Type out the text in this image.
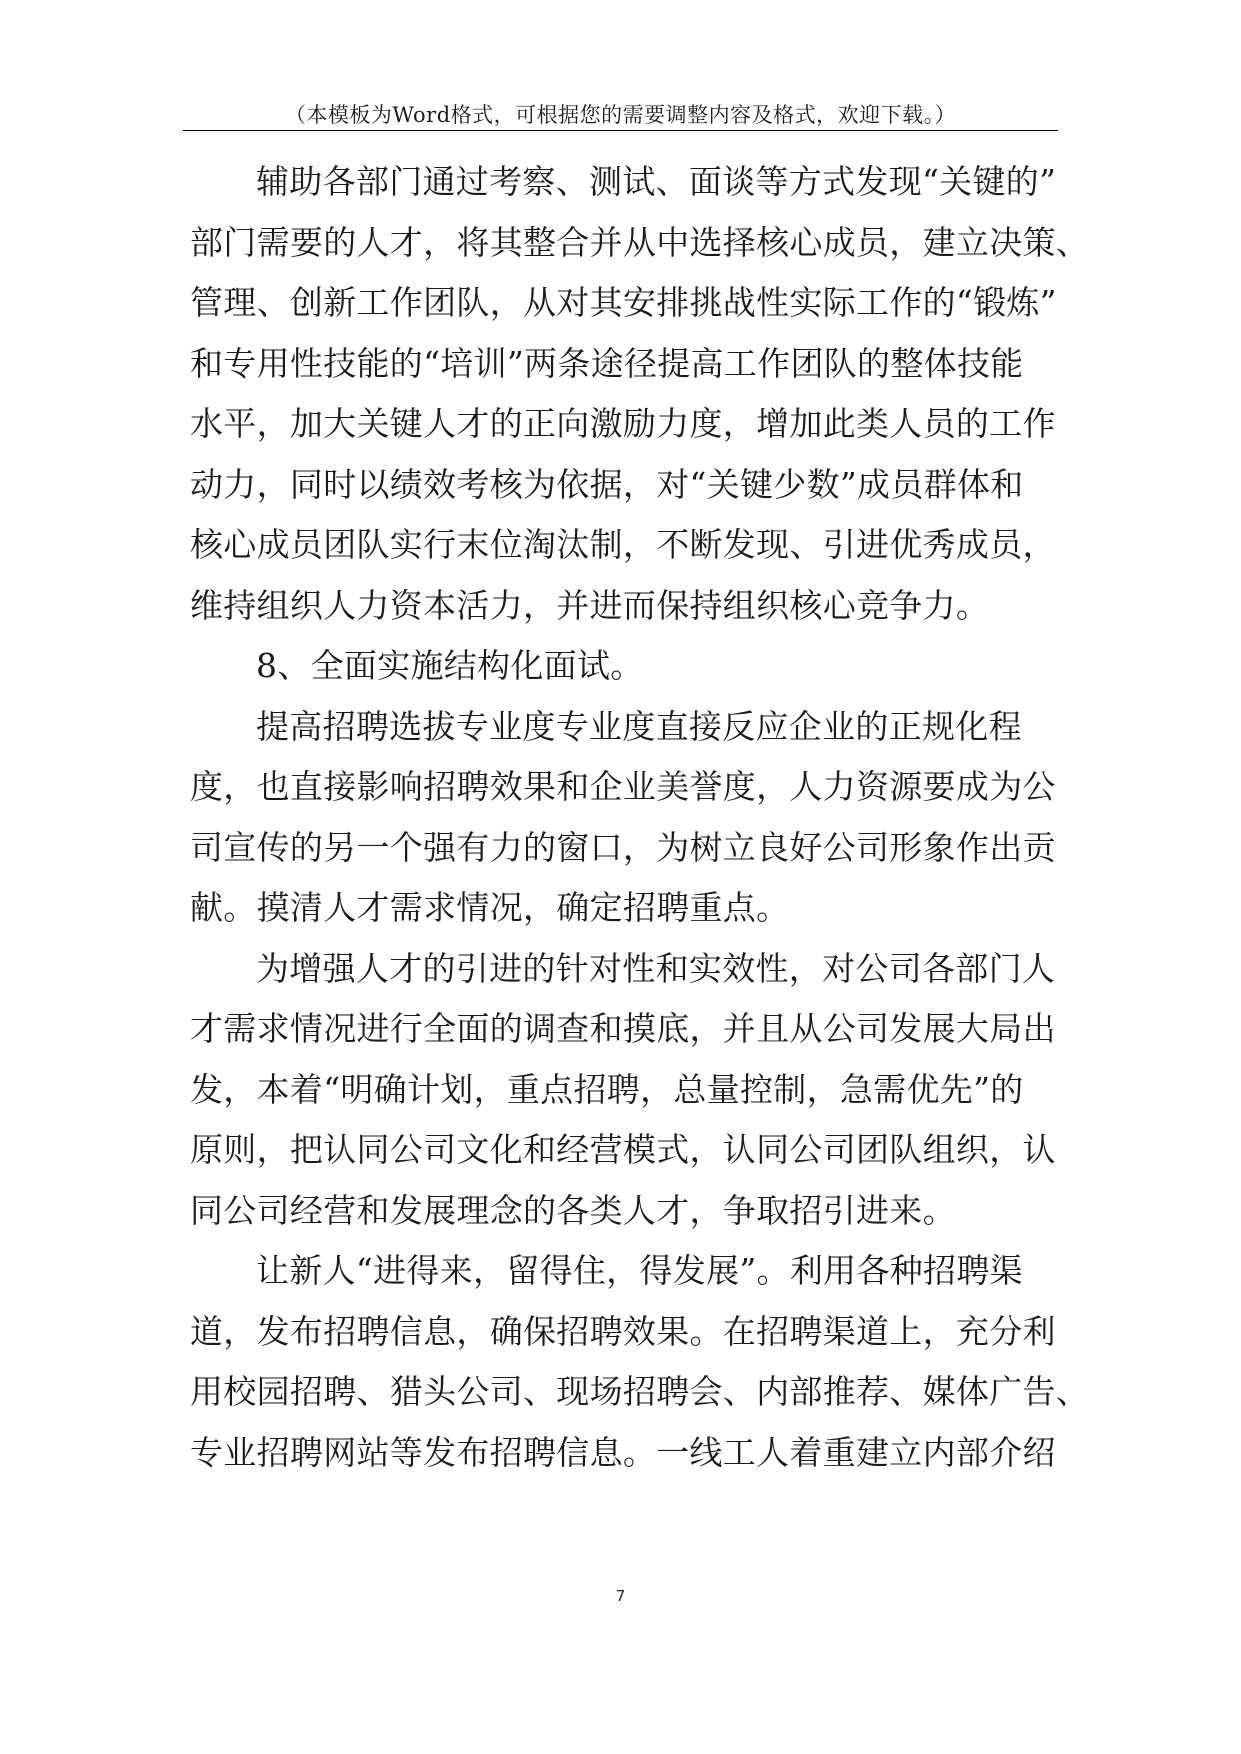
（本模板为Word格式，可根据您的需要调整内容及格式，欢迎下载。）
辅助各部门通过考察、测试、面谈等方式发现“关键的”
部门需要的人才，将其整合并从中选择核心成员，建立决策、
管理、创新工作团队，从对其安排挑战性实际工作的“锻炼”
和专用性技能的“培训”两条途径提高工作团队的整体技能
水平，加大关键人才的正向激励力度，增加此类人员的工作
动力，同时以绩效考核为依据，对“关键少数”成员群体和
核心成员团队实行末位淘汰制，不断发现、引进优秀成员，
维持组织人力资本活力，并进而保持组织核心竞争力。
8、全面实施结构化面试。
提高招聘选拔专业度专业度直接反应企业的正规化程
度，也直接影响招聘效果和企业美誉度，人力资源要成为公
司宣传的另一个强有力的窗口，为树立良好公司形象作出贡
献。摸清人才需求情况，确定招聘重点。
为增强人才的引进的针对性和实效性，对公司各部门人
才需求情况进行全面的调查和摸底，并且从公司发展大局出
发，本着“明确计划，重点招聘，总量控制，急需优先”的
原则，把认同公司文化和经营模式，认同公司团队组织，认
同公司经营和发展理念的各类人才，争取招引进来。
让新人“进得来，留得住，得发展”。利用各种招聘渠
道，发布招聘信息，确保招聘效果。在招聘渠道上，充分利
用校园招聘、猎头公司、现场招聘会、内部推荐、媒体广告、
专业招聘网站等发布招聘信息。一线工人着重建立内部介绍
7
